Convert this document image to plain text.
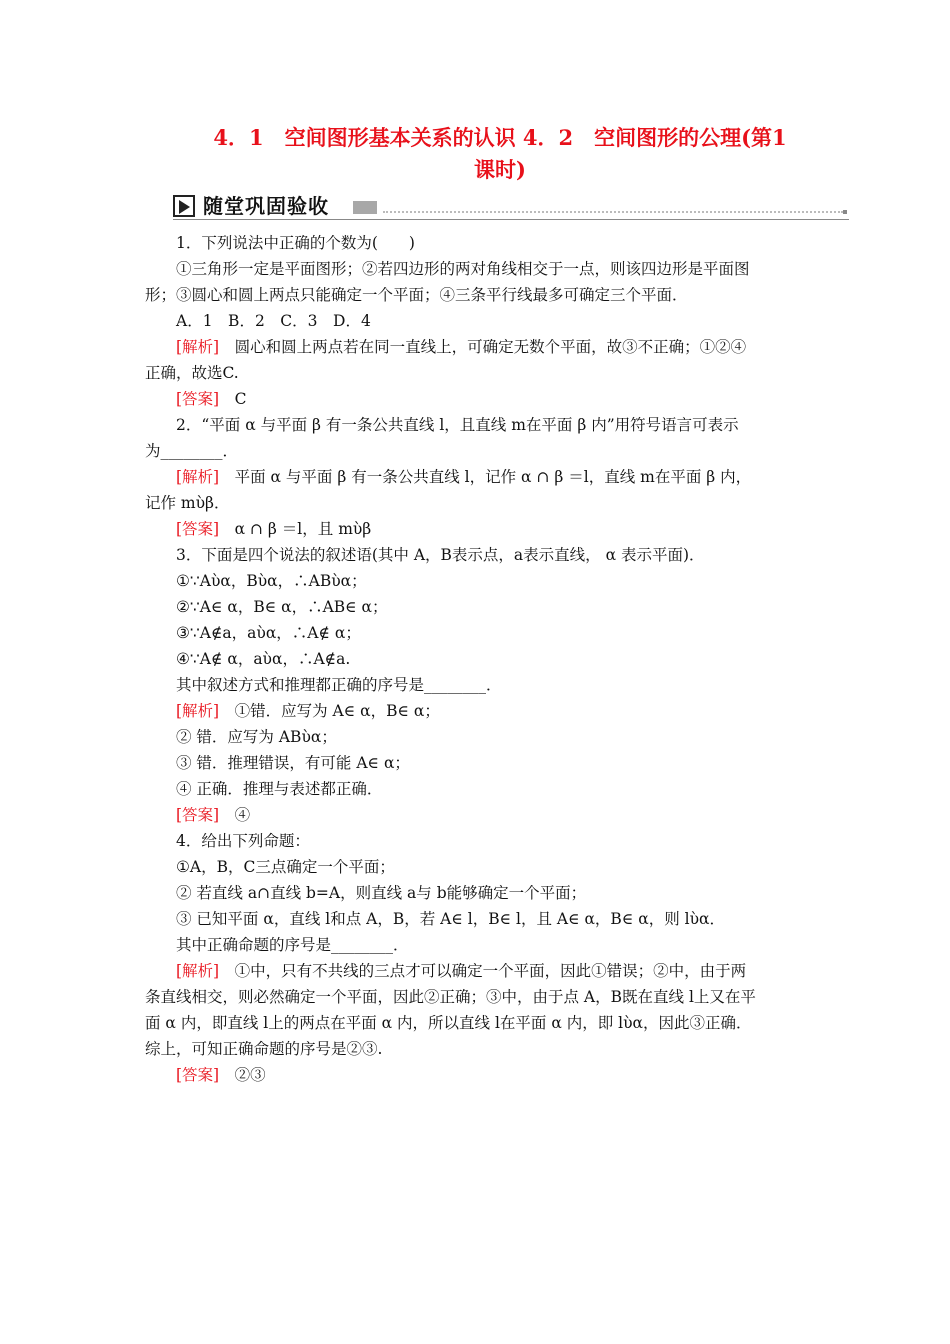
4．1　空间图形基本关系的认识 4．2　空间图形的公理(第1
课时)
随堂巩固验收
1．下列说法中正确的个数为(　　)
①三角形一定是平面图形；②若四边形的两对角线相交于一点，则该四边形是平面图
形；③圆心和圆上两点只能确定一个平面；④三条平行线最多可确定三个平面．
A．1　B．2　C．3　D．4
[解析]　圆心和圆上两点若在同一直线上，可确定无数个平面，故③不正确；①②④
正确，故选C.
[答案]　C
2．“平面 α 与平面 β 有一条公共直线 l，且直线 m在平面 β 内”用符号语言可表示
为________．
[解析]　平面 α 与平面 β 有一条公共直线 l，记作 α ∩ β ＝l，直线 m在平面 β 内，
记作 mὺβ．
[答案]　α ∩ β ＝l，且 mὺβ
3．下面是四个说法的叙述语(其中 A，B表示点，a表示直线， α 表示平面)．
①∵Aὺα，Bὺα，∴ABὺα；
②∵A∈ α，B∈ α，∴AB∈ α；
③∵A∉a，aὺα，∴A∉ α；
④∵A∉ α，aὺα，∴A∉a.
其中叙述方式和推理都正确的序号是________．
[解析]　①错．应写为 A∈ α，B∈ α；
② 错．应写为 ABὺα；
③ 错．推理错误，有可能 A∈ α；
④ 正确．推理与表述都正确．
[答案]　④
4．给出下列命题：
①A，B，C三点确定一个平面；
② 若直线 a∩直线 b=A，则直线 a与 b能够确定一个平面；
③ 已知平面 α，直线 l和点 A，B，若 A∈ l，B∈ l，且 A∈ α，B∈ α，则 lὺα．
其中正确命题的序号是________．
[解析]　①中，只有不共线的三点才可以确定一个平面，因此①错误；②中，由于两
条直线相交，则必然确定一个平面，因此②正确；③中，由于点 A，B既在直线 l上又在平
面 α 内，即直线 l上的两点在平面 α 内，所以直线 l在平面 α 内，即 lὺα，因此③正确．
综上，可知正确命题的序号是②③.
[答案]　②③
